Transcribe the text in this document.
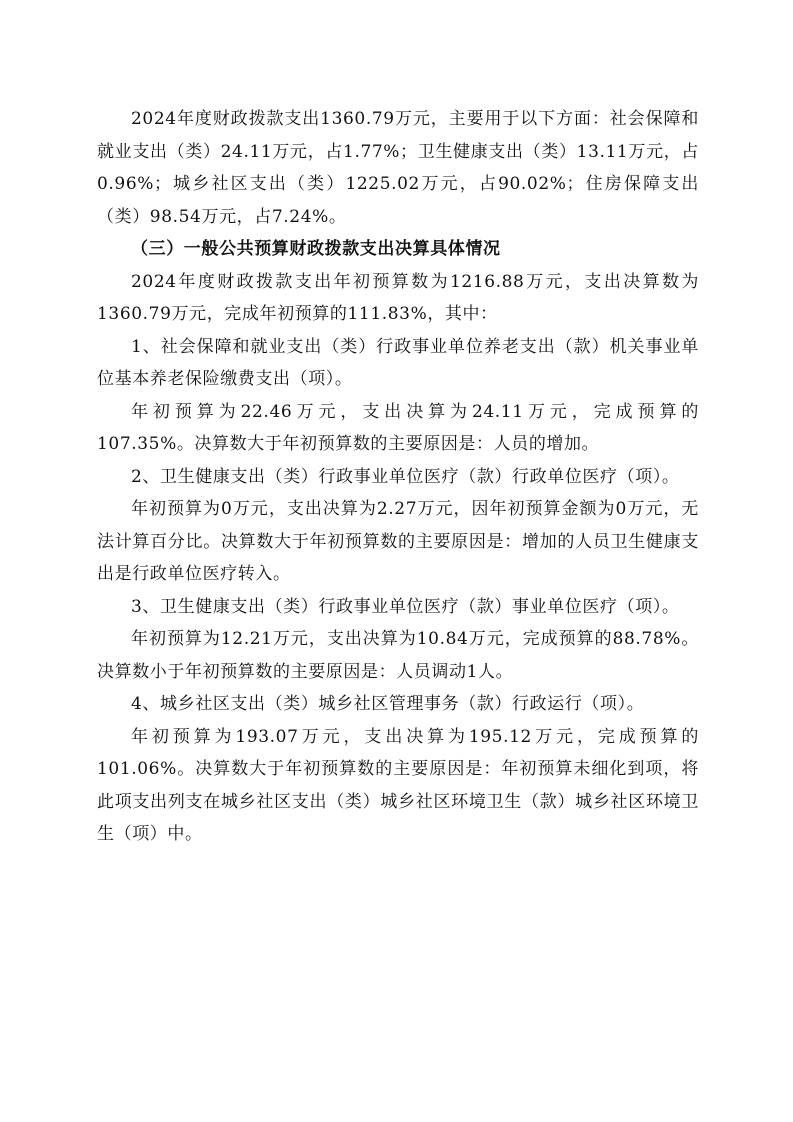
2024年度财政拨款支出1360.79万元，主要用于以下方面：社会保障和就业支出（类）24.11万元，占1.77%；卫生健康支出（类）13.11万元，占0.96%；城乡社区支出（类）1225.02万元，占90.02%；住房保障支出（类）98.54万元，占7.24%。

（三）一般公共预算财政拨款支出决算具体情况

2024年度财政拨款支出年初预算数为1216.88万元，支出决算数为1360.79万元，完成年初预算的111.83%，其中：

1、社会保障和就业支出（类）行政事业单位养老支出（款）机关事业单位基本养老保险缴费支出（项）。

年初预算为22.46万元，支出决算为24.11万元，完成预算的107.35%。决算数大于年初预算数的主要原因是：人员的增加。

2、卫生健康支出（类）行政事业单位医疗（款）行政单位医疗（项）。

年初预算为0万元，支出决算为2.27万元，因年初预算金额为0万元，无法计算百分比。决算数大于年初预算数的主要原因是：增加的人员卫生健康支出是行政单位医疗转入。

3、卫生健康支出（类）行政事业单位医疗（款）事业单位医疗（项）。

年初预算为12.21万元，支出决算为10.84万元，完成预算的88.78%。决算数小于年初预算数的主要原因是：人员调动1人。

4、城乡社区支出（类）城乡社区管理事务（款）行政运行（项）。

年初预算为193.07万元，支出决算为195.12万元，完成预算的101.06%。决算数大于年初预算数的主要原因是：年初预算未细化到项，将此项支出列支在城乡社区支出（类）城乡社区环境卫生（款）城乡社区环境卫生（项）中。
